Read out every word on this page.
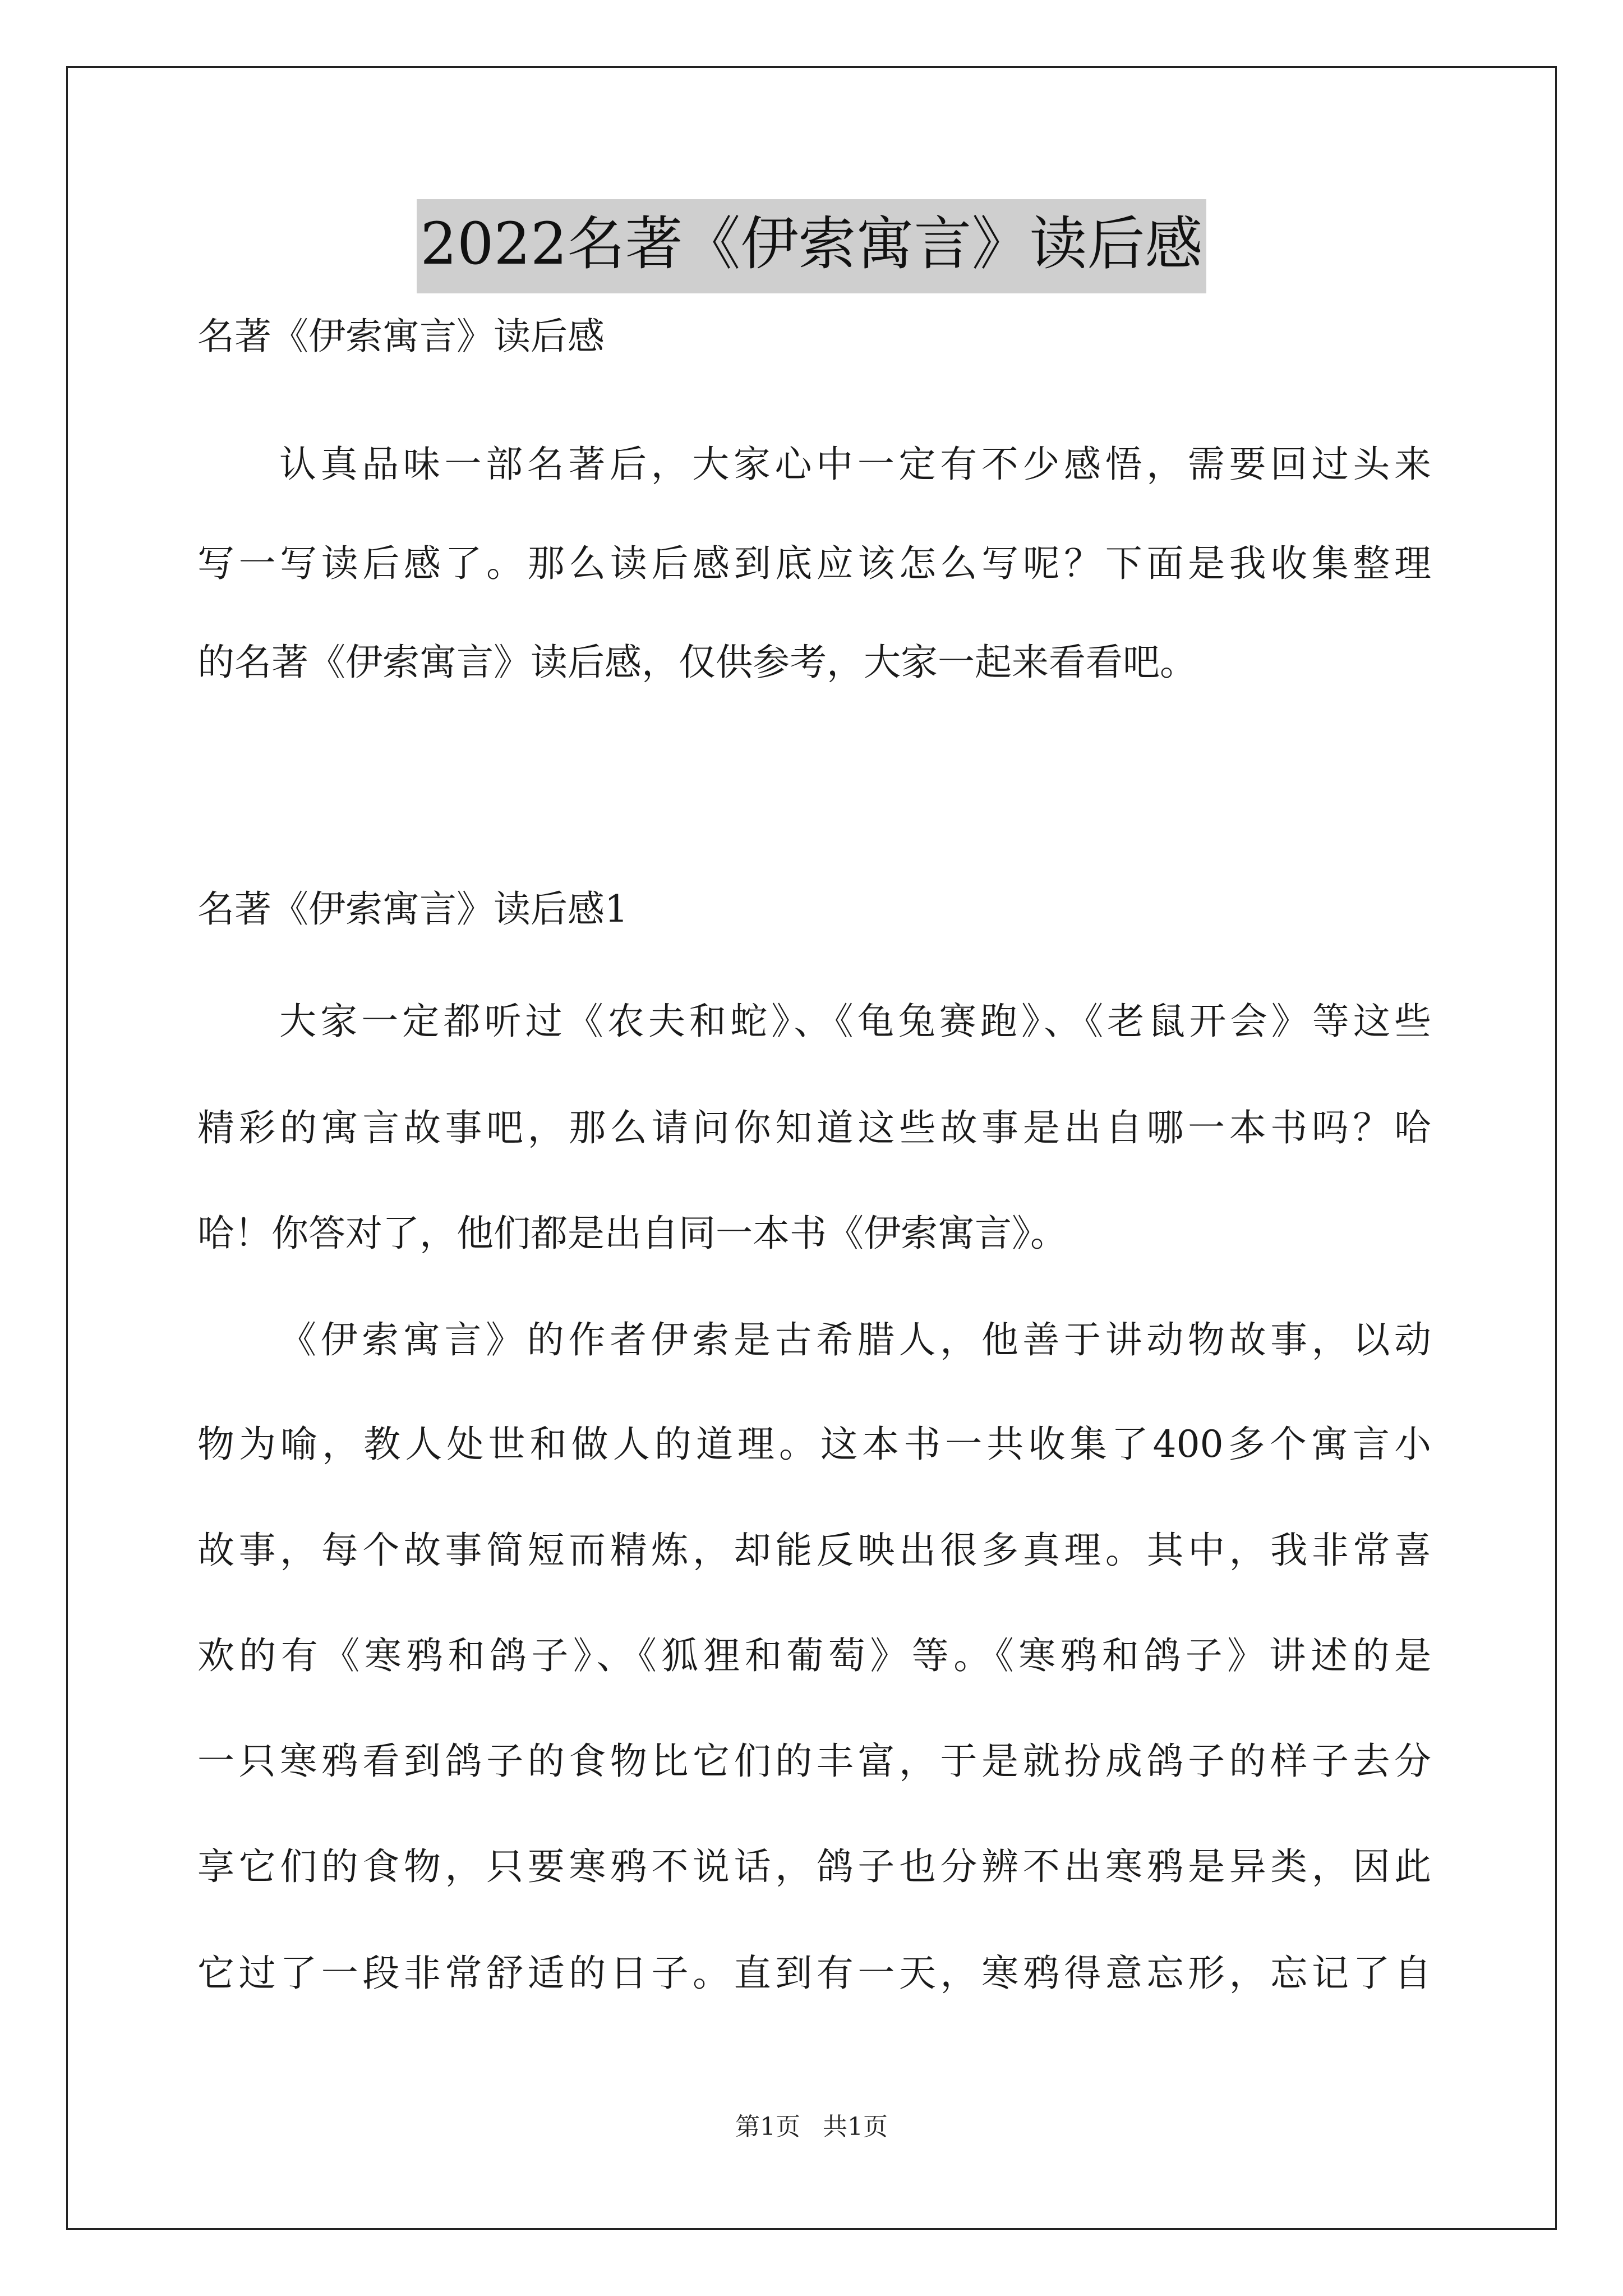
2022名著《伊索寓言》读后感
名著《伊索寓言》读后感
认真品味一部名著后，大家心中一定有不少感悟，需要回过头来
写一写读后感了。那么读后感到底应该怎么写呢？下面是我收集整理
的名著《伊索寓言》读后感，仅供参考，大家一起来看看吧。
名著《伊索寓言》读后感1
大家一定都听过《农夫和蛇》、《龟兔赛跑》、《老鼠开会》等这些
精彩的寓言故事吧，那么请问你知道这些故事是出自哪一本书吗？哈
哈！你答对了，他们都是出自同一本书《伊索寓言》。
《伊索寓言》的作者伊索是古希腊人，他善于讲动物故事，以动
物为喻，教人处世和做人的道理。这本书一共收集了400多个寓言小
故事，每个故事简短而精炼，却能反映出很多真理。其中，我非常喜
欢的有《寒鸦和鸽子》、《狐狸和葡萄》等。《寒鸦和鸽子》讲述的是
一只寒鸦看到鸽子的食物比它们的丰富，于是就扮成鸽子的样子去分
享它们的食物，只要寒鸦不说话，鸽子也分辨不出寒鸦是异类，因此
它过了一段非常舒适的日子。直到有一天，寒鸦得意忘形，忘记了自
第1页 共1页
